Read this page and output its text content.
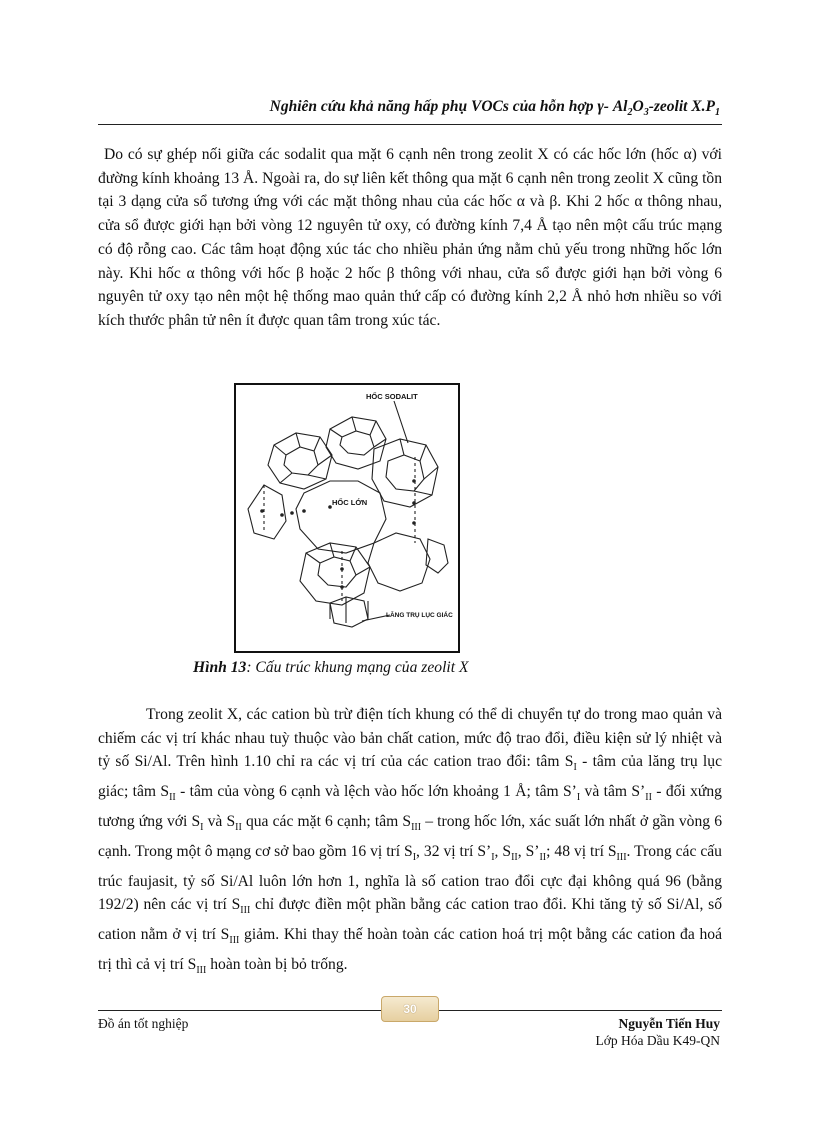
Nghiên cứu khả năng hấp phụ VOCs của hỗn hợp γ- $Al_2O_3$-zeolit $X.P_1$

Do có sự ghép nối giữa các sodalit qua mặt 6 cạnh nên trong zeolit X có các hốc lớn (hốc α) với đường kính khoảng 13 Å. Ngoài ra, do sự liên kết thông qua mặt 6 cạnh nên trong zeolit X cũng tồn tại 3 dạng cửa sổ tương ứng với các mặt thông nhau của các hốc α và β. Khi 2 hốc α thông nhau, cửa sổ được giới hạn bởi vòng 12 nguyên tử oxy, có đường kính 7,4 Å tạo nên một cấu trúc mạng có độ rỗng cao. Các tâm hoạt động xúc tác cho nhiều phản ứng nằm chủ yếu trong những hốc lớn này. Khi hốc α thông với hốc β hoặc 2 hốc β thông với nhau, cửa sổ được giới hạn bởi vòng 6 nguyên tử oxy tạo nên một hệ thống mao quản thứ cấp có đường kính 2,2 Å nhỏ hơn nhiều so với kích thước phân tử nên ít được quan tâm trong xúc tác.

HỐC SODALIT
HỐC LỚN
LĂNG TRỤ LỤC GIÁC
Hình 13: Cấu trúc khung mạng của zeolit X

Trong zeolit X, các cation bù trừ điện tích khung có thể di chuyển tự do trong mao quản và chiếm các vị trí khác nhau tuỳ thuộc vào bản chất cation, mức độ trao đổi, điều kiện sử lý nhiệt và tỷ số Si/Al. Trên hình 1.10 chỉ ra các vị trí của các cation trao đổi: tâm $S_I$ - tâm của lăng trụ lục giác; tâm $S_{II}$ - tâm của vòng 6 cạnh và lệch vào hốc lớn khoảng 1 Å; tâm $S’_I$ và tâm $S’_{II}$ - đối xứng tương ứng với $S_I$ và $S_{II}$ qua các mặt 6 cạnh; tâm $S_{III}$ – trong hốc lớn, xác suất lớn nhất ở gần vòng 6 cạnh. Trong một ô mạng cơ sở bao gồm 16 vị trí $S_I$, 32 vị trí $S’_I$, $S_{II}$, $S’_{II}$; 48 vị trí $S_{III}$. Trong các cấu trúc faujasit, tỷ số Si/Al luôn lớn hơn 1, nghĩa là số cation trao đổi cực đại không quá 96 (bằng 192/2) nên các vị trí $S_{III}$ chỉ được điền một phần bằng các cation trao đổi. Khi tăng tỷ số Si/Al, số cation nằm ở vị trí $S_{III}$ giảm. Khi thay thế hoàn toàn các cation hoá trị một bằng các cation đa hoá trị thì cả vị trí $S_{III}$ hoàn toàn bị bỏ trống.

30
Đồ án tốt nghiệp	Nguyễn Tiến Huy
Lớp Hóa Dầu K49-QN
